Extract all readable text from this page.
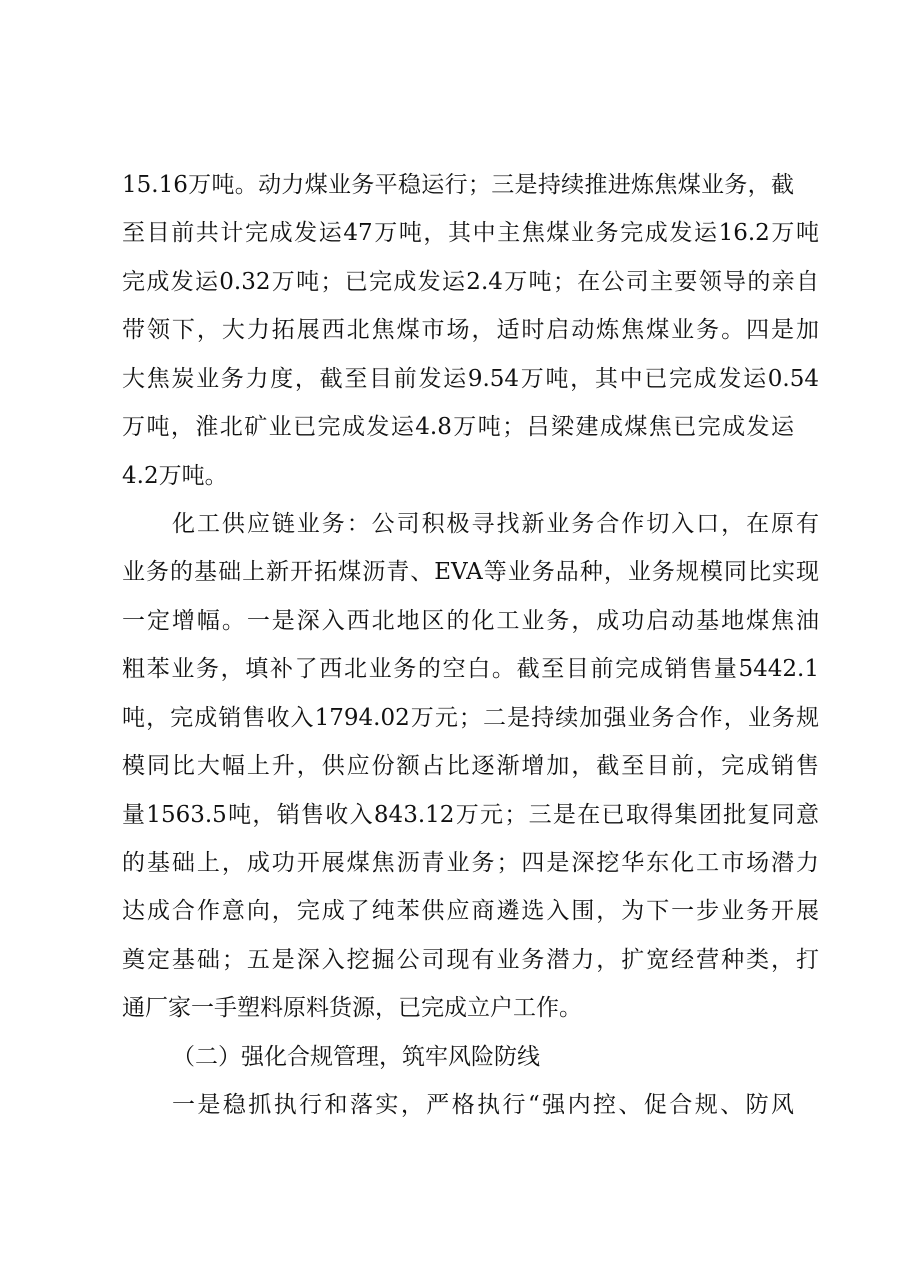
15.16万吨。动力煤业务平稳运行；三是持续推进炼焦煤业务，截
至目前共计完成发运47万吨，其中主焦煤业务完成发运16.2万吨
完成发运0.32万吨；已完成发运2.4万吨；在公司主要领导的亲自
带领下，大力拓展西北焦煤市场，适时启动炼焦煤业务。四是加
大焦炭业务力度，截至目前发运9.54万吨，其中已完成发运0.54
万吨，淮北矿业已完成发运4.8万吨；吕梁建成煤焦已完成发运
4.2万吨。
化工供应链业务：公司积极寻找新业务合作切入口，在原有
业务的基础上新开拓煤沥青、EVA等业务品种，业务规模同比实现
一定增幅。一是深入西北地区的化工业务，成功启动基地煤焦油
粗苯业务，填补了西北业务的空白。截至目前完成销售量5442.1
吨，完成销售收入1794.02万元；二是持续加强业务合作，业务规
模同比大幅上升，供应份额占比逐渐增加，截至目前，完成销售
量1563.5吨，销售收入843.12万元；三是在已取得集团批复同意
的基础上，成功开展煤焦沥青业务；四是深挖华东化工市场潜力
达成合作意向，完成了纯苯供应商遴选入围，为下一步业务开展
奠定基础；五是深入挖掘公司现有业务潜力，扩宽经营种类，打
通厂家一手塑料原料货源，已完成立户工作。
（二）强化合规管理，筑牢风险防线
一是稳抓执行和落实，严格执行“强内控、促合规、防风
